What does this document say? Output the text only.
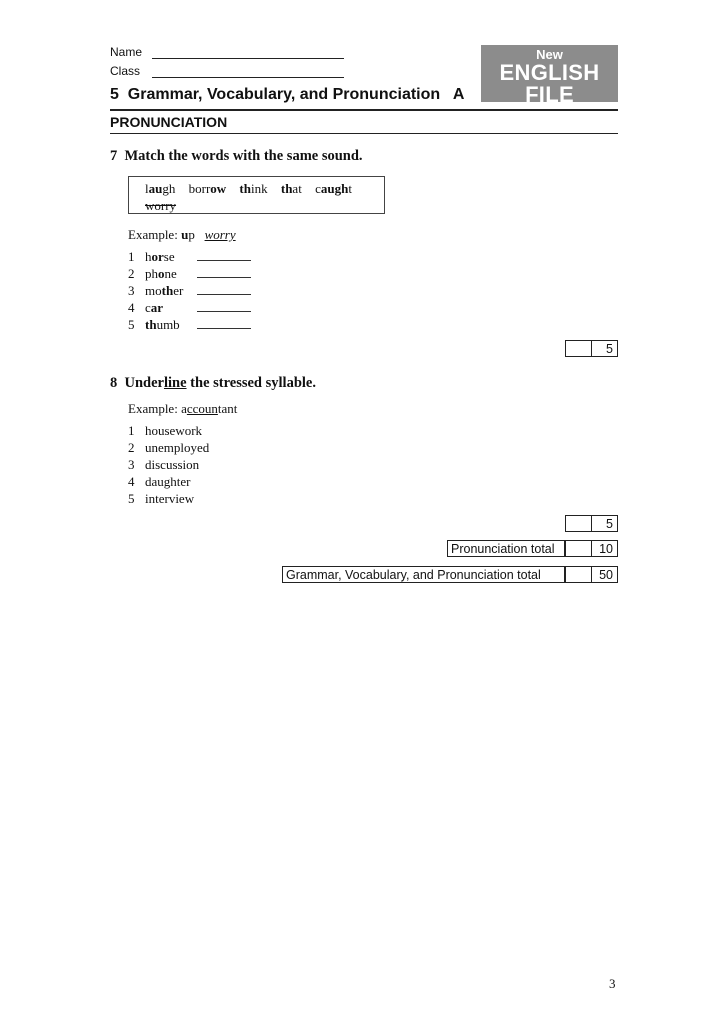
Name
Class
New
ENGLISH FILE
Intermediate
5  Grammar, Vocabulary, and Pronunciation   A
PRONUNCIATION
7  Match the words with the same sound.
laugh borrow think that caught
worry
Example: up worry
1 horse
2 phone
3 mother
4 car
5 thumb
5
8  Underline the stressed syllable.
Example: accountant
1 housework
2 unemployed
3 discussion
4 daughter
5 interview
5
Pronunciation total	10
Grammar, Vocabulary, and Pronunciation total	50
3
